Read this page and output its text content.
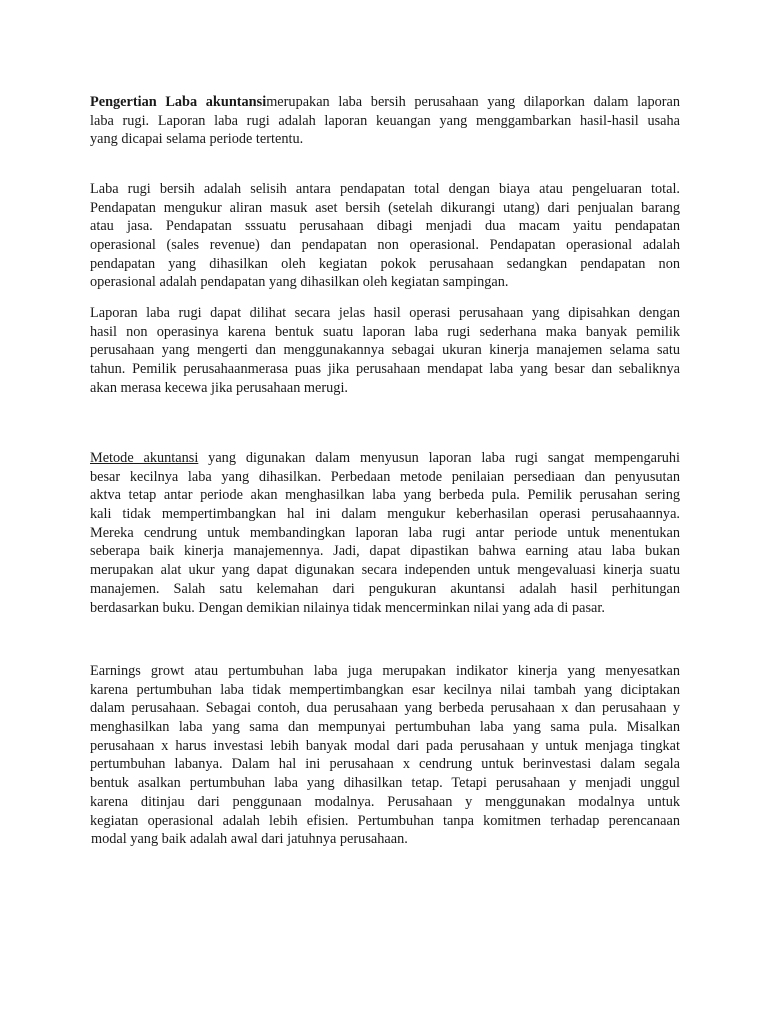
Pengertian Laba akuntansimerupakan laba bersih perusahaan yang dilaporkan dalam laporan
laba rugi. Laporan laba rugi adalah laporan keuangan yang menggambarkan hasil-hasil usaha
yang dicapai selama periode tertentu.
Laba rugi bersih adalah selisih antara pendapatan total dengan biaya atau pengeluaran total.
Pendapatan mengukur aliran masuk aset bersih (setelah dikurangi utang) dari penjualan barang
atau jasa. Pendapatan sssuatu perusahaan dibagi menjadi dua macam yaitu pendapatan
operasional (sales revenue) dan pendapatan non operasional. Pendapatan operasional adalah
pendapatan yang dihasilkan oleh kegiatan pokok perusahaan sedangkan pendapatan non
operasional adalah pendapatan yang dihasilkan oleh kegiatan sampingan.
Laporan laba rugi dapat dilihat secara jelas hasil operasi perusahaan yang dipisahkan dengan
hasil non operasinya karena bentuk suatu laporan laba rugi sederhana maka banyak pemilik
perusahaan yang mengerti dan menggunakannya sebagai ukuran kinerja manajemen selama satu
tahun. Pemilik perusahaanmerasa puas jika perusahaan mendapat laba yang besar dan sebaliknya
akan merasa kecewa jika perusahaan merugi.
Metode akuntansi yang digunakan dalam menyusun laporan laba rugi sangat mempengaruhi
besar kecilnya laba yang dihasilkan. Perbedaan metode penilaian persediaan dan penyusutan
aktva tetap antar periode akan menghasilkan laba yang berbeda pula. Pemilik perusahan sering
kali tidak mempertimbangkan hal ini dalam mengukur keberhasilan operasi perusahaannya.
Mereka cendrung untuk membandingkan laporan laba rugi antar periode untuk menentukan
seberapa baik kinerja manajemennya. Jadi, dapat dipastikan bahwa earning atau laba bukan
merupakan alat ukur yang dapat digunakan secara independen untuk mengevaluasi kinerja suatu
manajemen. Salah satu kelemahan dari pengukuran akuntansi adalah hasil perhitungan
berdasarkan buku. Dengan demikian nilainya tidak mencerminkan nilai yang ada di pasar.
Earnings growt atau pertumbuhan laba juga merupakan indikator kinerja yang menyesatkan
karena pertumbuhan laba tidak mempertimbangkan esar kecilnya nilai tambah yang diciptakan
dalam perusahaan. Sebagai contoh, dua perusahaan yang berbeda perusahaan x dan perusahaan y
menghasilkan laba yang sama dan mempunyai pertumbuhan laba yang sama pula. Misalkan
perusahaan x harus investasi lebih banyak modal dari pada perusahaan y untuk menjaga tingkat
pertumbuhan labanya. Dalam hal ini perusahaan x cendrung untuk berinvestasi dalam segala
bentuk asalkan pertumbuhan laba yang dihasilkan tetap. Tetapi perusahaan y menjadi unggul
karena ditinjau dari penggunaan modalnya. Perusahaan y menggunakan modalnya untuk
kegiatan operasional adalah lebih efisien. Pertumbuhan tanpa komitmen terhadap perencanaan
modal yang baik adalah awal dari jatuhnya perusahaan.
